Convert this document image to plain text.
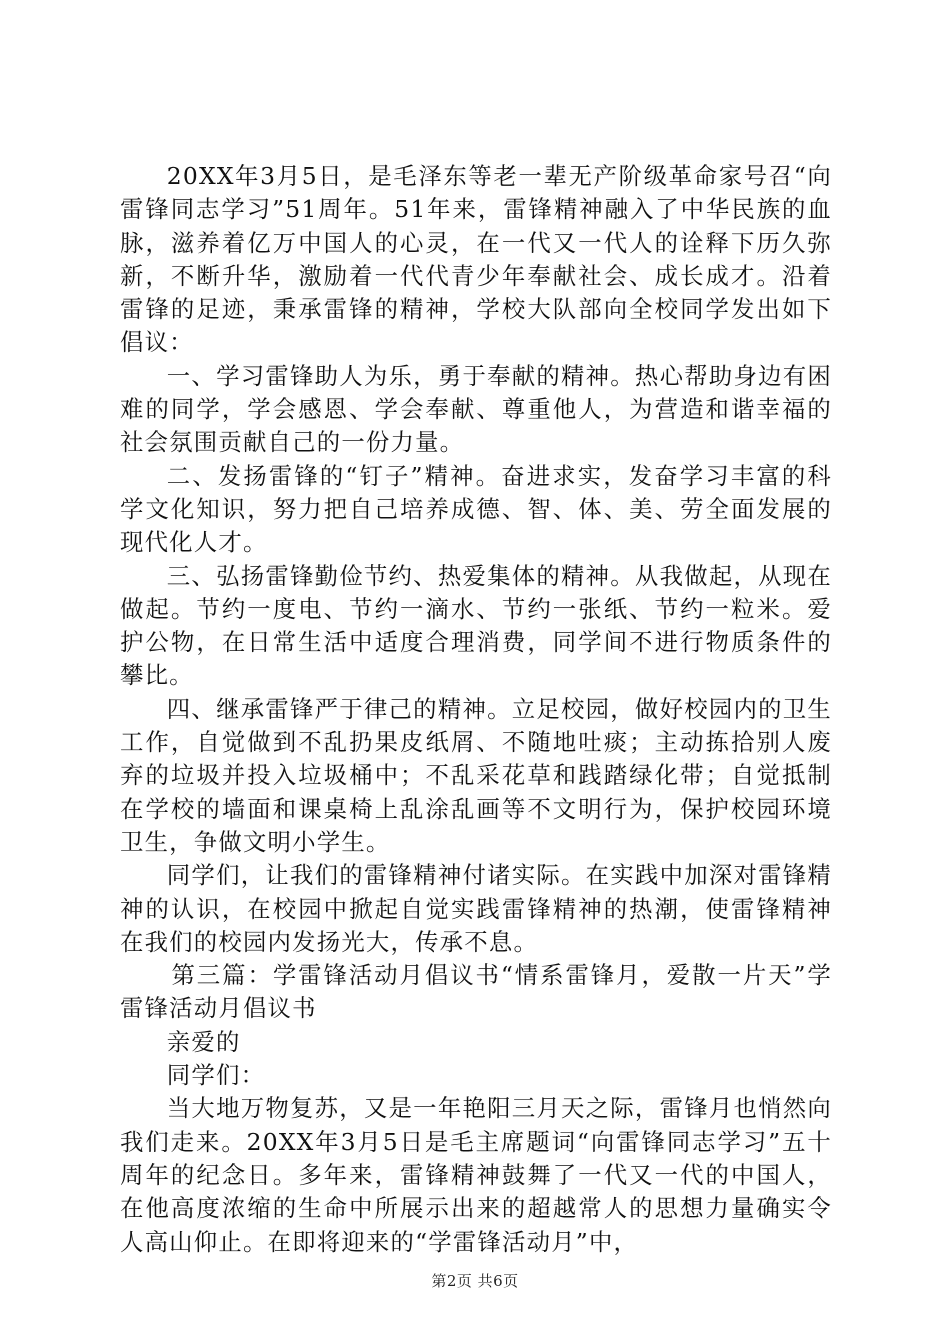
20XX年3月5日，是毛泽东等老一辈无产阶级革命家号召“向雷锋同志学习”51周年。51年来，雷锋精神融入了中华民族的血脉，滋养着亿万中国人的心灵，在一代又一代人的诠释下历久弥新，不断升华，激励着一代代青少年奉献社会、成长成才。沿着雷锋的足迹，秉承雷锋的精神，学校大队部向全校同学发出如下倡议：

一、学习雷锋助人为乐，勇于奉献的精神。热心帮助身边有困难的同学，学会感恩、学会奉献、尊重他人，为营造和谐幸福的社会氛围贡献自己的一份力量。

二、发扬雷锋的“钉子”精神。奋进求实，发奋学习丰富的科学文化知识，努力把自己培养成德、智、体、美、劳全面发展的现代化人才。

三、弘扬雷锋勤俭节约、热爱集体的精神。从我做起，从现在做起。节约一度电、节约一滴水、节约一张纸、节约一粒米。爱护公物，在日常生活中适度合理消费，同学间不进行物质条件的攀比。

四、继承雷锋严于律己的精神。立足校园，做好校园内的卫生工作，自觉做到不乱扔果皮纸屑、不随地吐痰；主动拣拾别人废弃的垃圾并投入垃圾桶中；不乱采花草和践踏绿化带；自觉抵制在学校的墙面和课桌椅上乱涂乱画等不文明行为，保护校园环境卫生，争做文明小学生。

同学们，让我们的雷锋精神付诸实际。在实践中加深对雷锋精神的认识，在校园中掀起自觉实践雷锋精神的热潮，使雷锋精神在我们的校园内发扬光大，传承不息。

第三篇：学雷锋活动月倡议书“情系雷锋月，爱散一片天”学雷锋活动月倡议书

亲爱的

同学们：

当大地万物复苏，又是一年艳阳三月天之际，雷锋月也悄然向我们走来。20XX年3月5日是毛主席题词“向雷锋同志学习”五十周年的纪念日。多年来，雷锋精神鼓舞了一代又一代的中国人，在他高度浓缩的生命中所展示出来的超越常人的思想力量确实令人高山仰止。在即将迎来的“学雷锋活动月”中，

第2页 共6页
